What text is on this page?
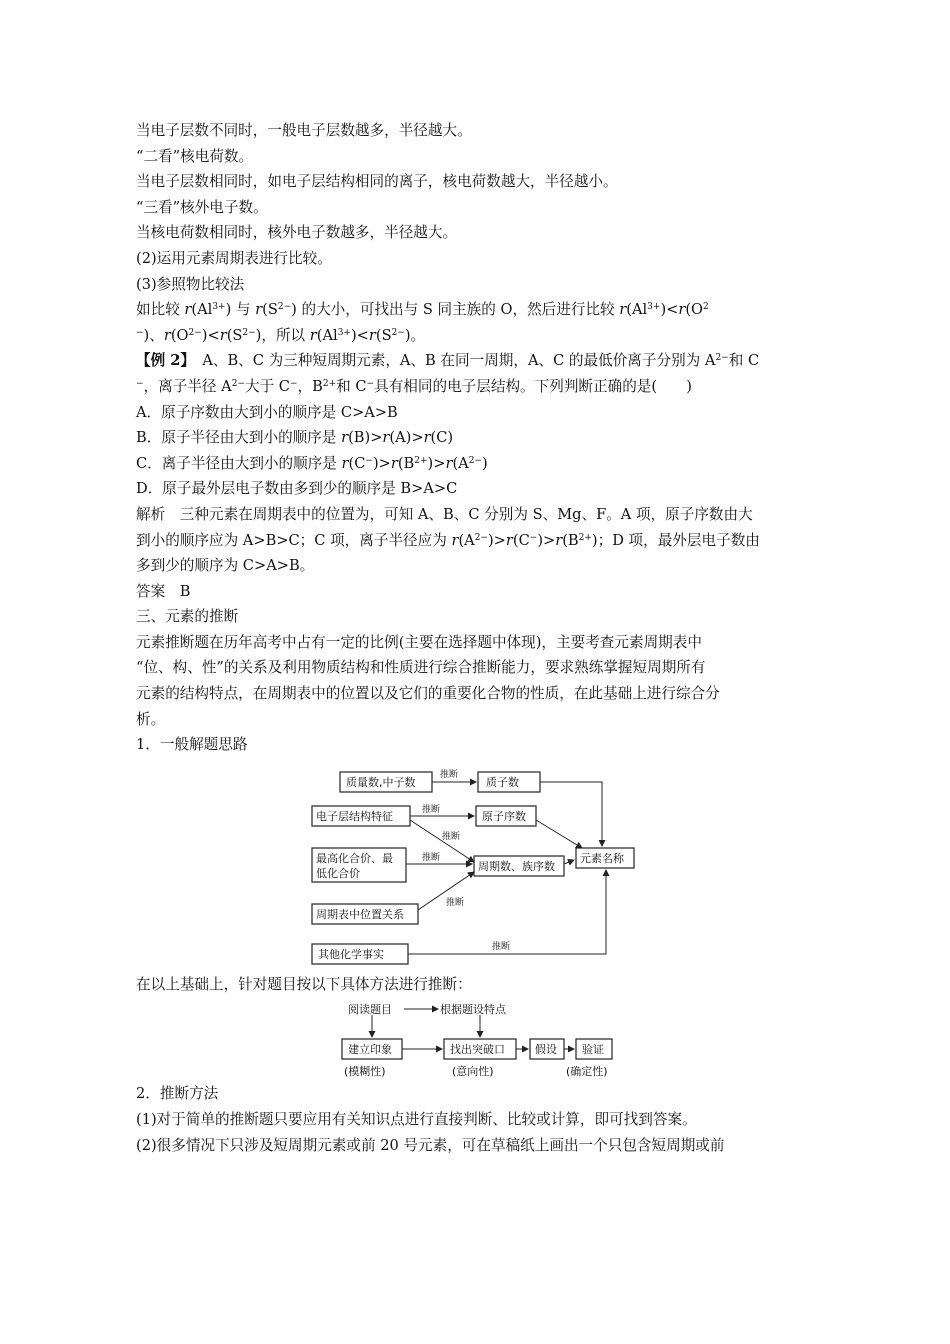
当电子层数不同时，一般电子层数越多，半径越大。
“二看”核电荷数。
当电子层数相同时，如电子层结构相同的离子，核电荷数越大，半径越小。
“三看”核外电子数。
当核电荷数相同时，核外电子数越多，半径越大。
(2)运用元素周期表进行比较。
(3)参照物比较法
如比较 $r(Al^{3+})$ 与 $r(S^{2-})$ 的大小，可找出与 S 同主族的 O，然后进行比较 $r(Al^{3+})<r(O^2$
−)、$r(O^{2-})<r(S^{2-})$，所以 $r(Al^{3+})<r(S^{2-})$。
【例 2】　A、B、C 为三种短周期元素，A、B 在同一周期，A、C 的最低价离子分别为 $A^{2-}$和 C
−，离子半径 $A^{2-}$大于 C−，$B^{2+}$和 C−具有相同的电子层结构。下列判断正确的是(　　)
A．原子序数由大到小的顺序是 C>A>B
B．原子半径由大到小的顺序是 r(B)>r(A)>r(C)
C．离子半径由大到小的顺序是 $r(C^-)>r(B^{2+})>r(A^{2-})$
D．原子最外层电子数由多到少的顺序是 B>A>C
解析　三种元素在周期表中的位置为，可知 A、B、C 分别为 S、Mg、F。A 项，原子序数由大
到小的顺序应为 A>B>C；C 项，离子半径应为 $r(A^{2-})>r(C^-)>r(B^{2+})$；D 项，最外层电子数由
多到少的顺序为 C>A>B。
答案　B
三、元素的推断
元素推断题在历年高考中占有一定的比例(主要在选择题中体现)，主要考查元素周期表中
“位、构、性”的关系及利用物质结构和性质进行综合推断能力，要求熟练掌握短周期所有
元素的结构特点，在周期表中的位置以及它们的重要化合物的性质，在此基础上进行综合分
析。
1．一般解题思路
质量数,中子数	质子数
电子层结构特征	原子序数
最高化合价、最
低化合价
周期数、族序数
元素名称
周期表中位置关系
其他化学事实
推断
推断
推断
推断
推断
推断
在以上基础上，针对题目按以下具体方法进行推断：
阅读题目	根据题设特点
建立印象	找出突破口	假设 验证
(模糊性)	(意向性)	(确定性)
2．推断方法
(1)对于简单的推断题只要应用有关知识点进行直接判断、比较或计算，即可找到答案。
(2)很多情况下只涉及短周期元素或前 20 号元素，可在草稿纸上画出一个只包含短周期或前
